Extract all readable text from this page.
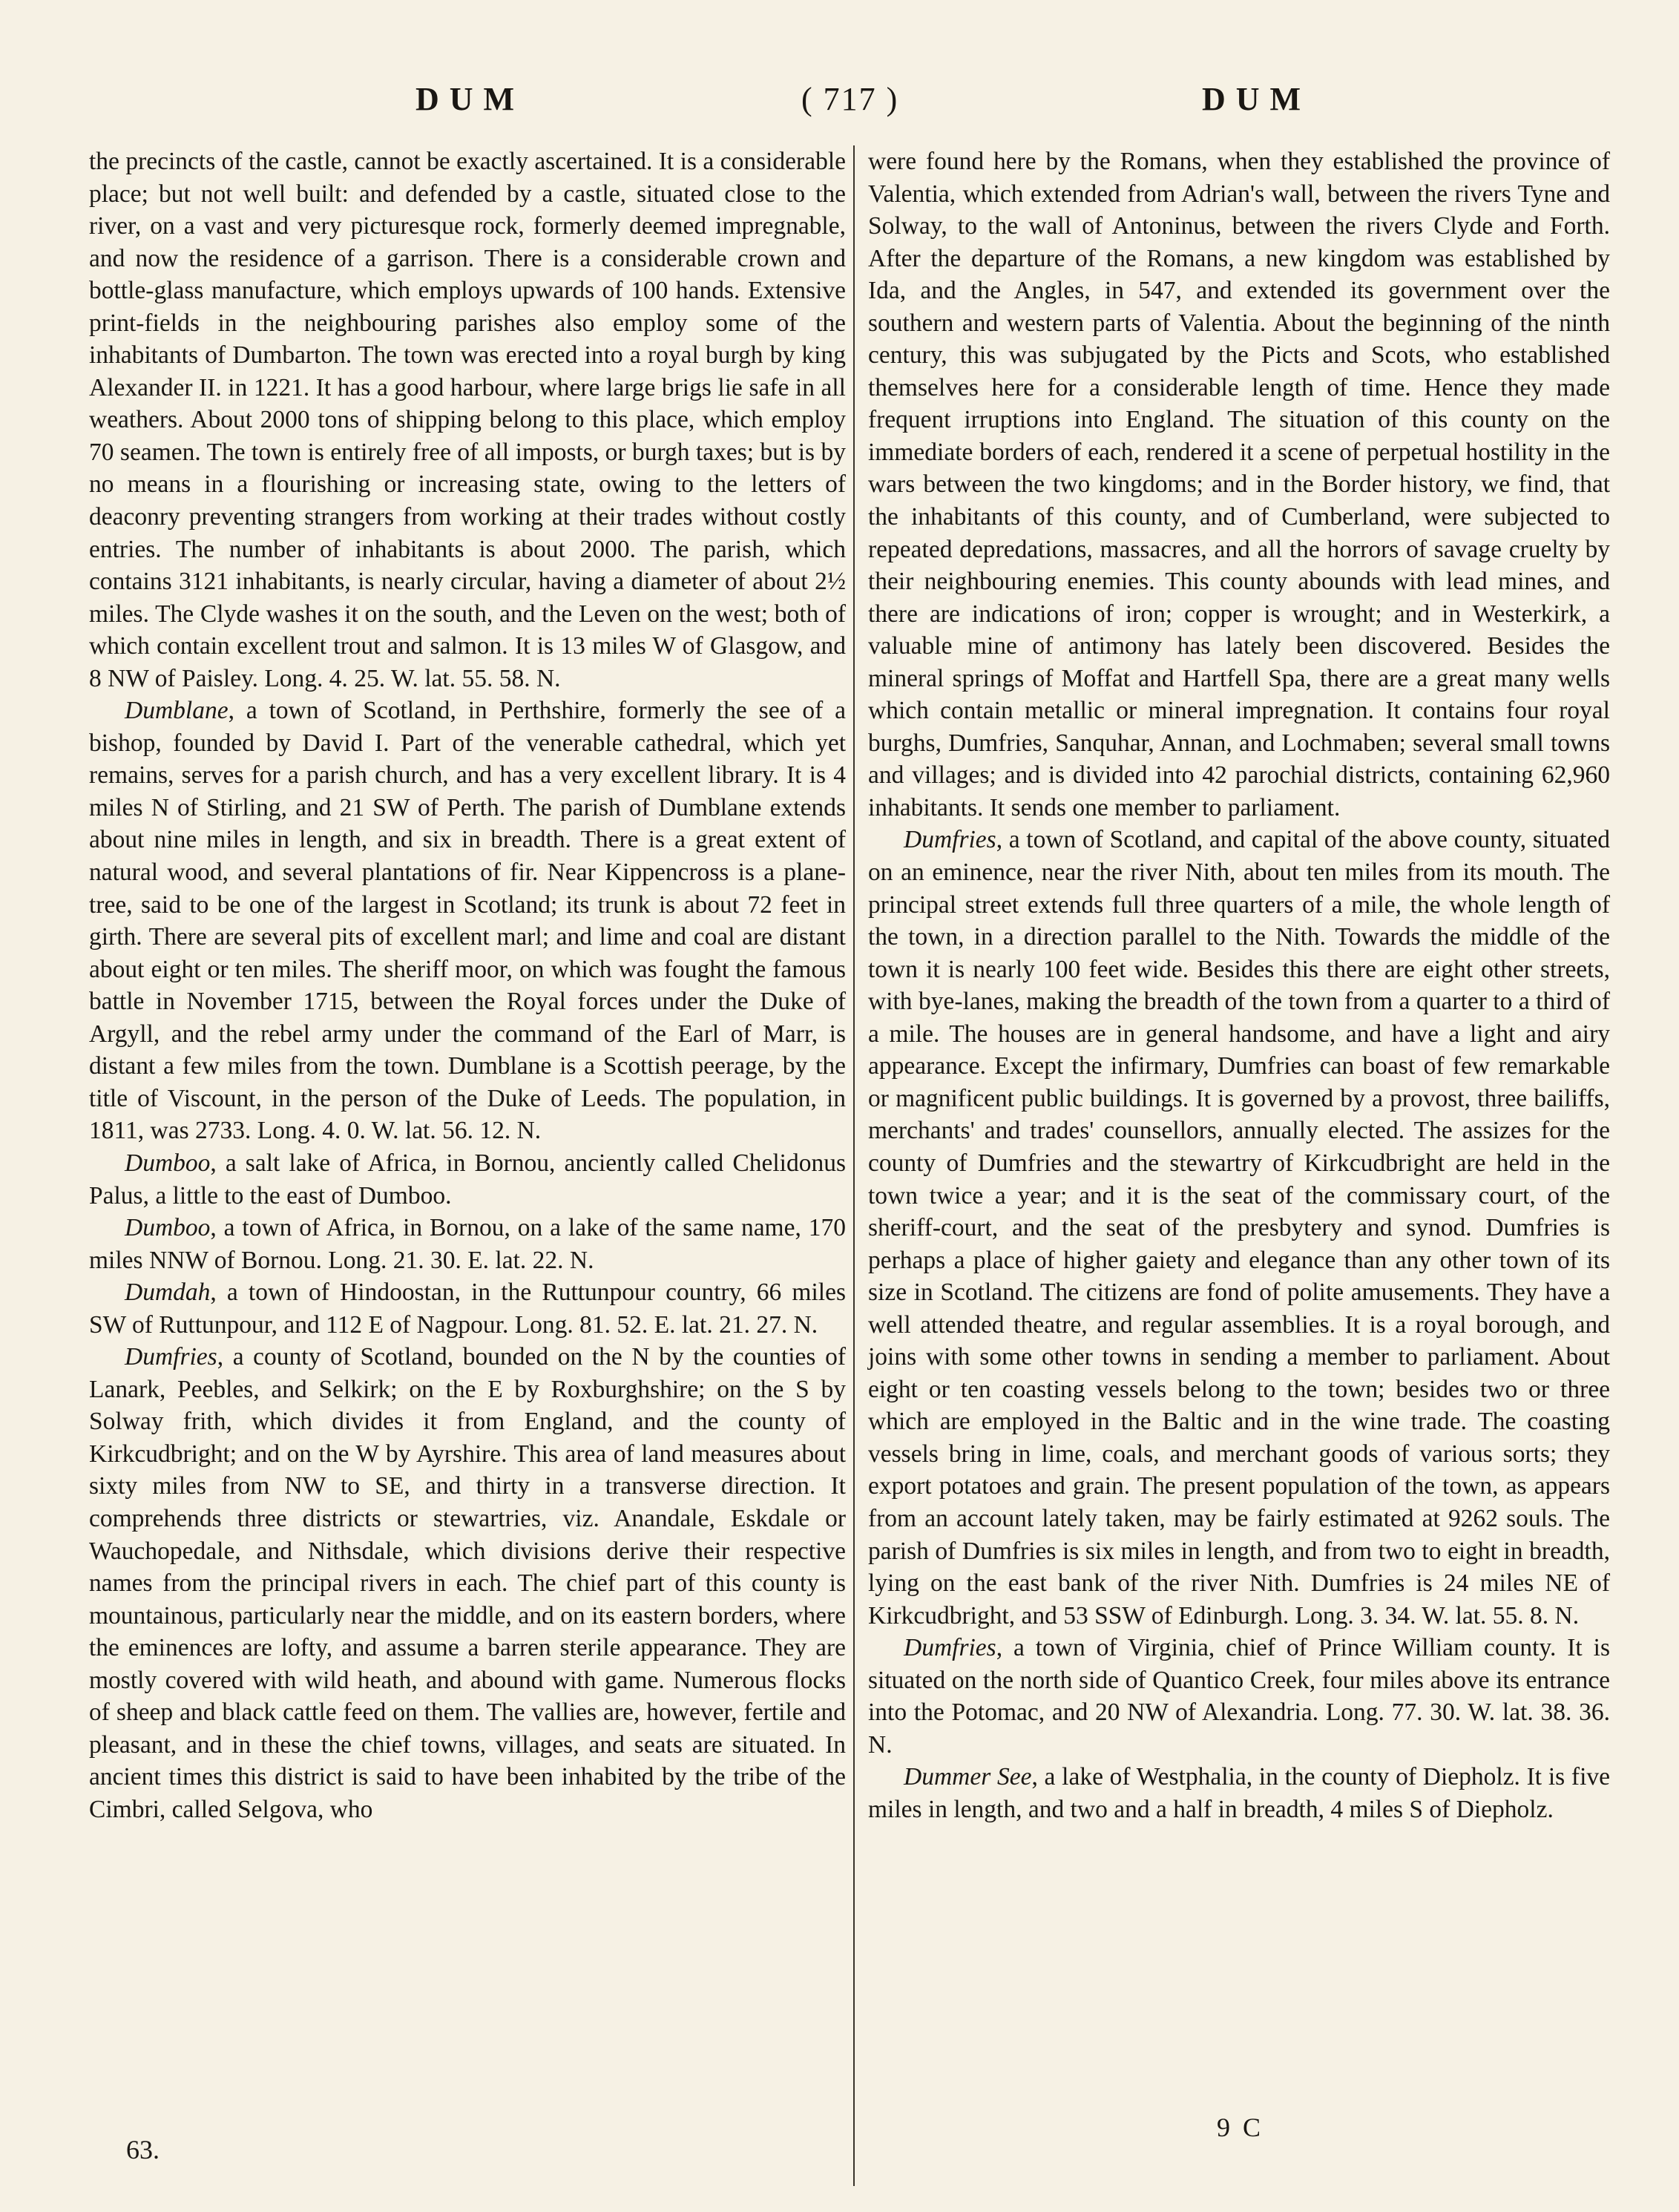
DUM	( 717 )	DUM

the precincts of the castle, cannot be exactly ascertained. It is a considerable place; but not well built: and defended by a castle, situated close to the river, on a vast and very picturesque rock, formerly deemed impregnable, and now the residence of a garrison. There is a considerable crown and bottle-glass manufacture, which employs upwards of 100 hands. Extensive print-fields in the neighbouring parishes also employ some of the inhabitants of Dumbarton. The town was erected into a royal burgh by king Alexander II. in 1221. It has a good harbour, where large brigs lie safe in all weathers. About 2000 tons of shipping belong to this place, which employ 70 seamen. The town is entirely free of all imposts, or burgh taxes; but is by no means in a flourishing or increasing state, owing to the letters of deaconry preventing strangers from working at their trades without costly entries. The number of inhabitants is about 2000. The parish, which contains 3121 inhabitants, is nearly circular, having a diameter of about 2½ miles. The Clyde washes it on the south, and the Leven on the west; both of which contain excellent trout and salmon. It is 13 miles W of Glasgow, and 8 NW of Paisley. Long. 4. 25. W. lat. 55. 58. N.

Dumblane, a town of Scotland, in Perthshire, formerly the see of a bishop, founded by David I. Part of the venerable cathedral, which yet remains, serves for a parish church, and has a very excellent library. It is 4 miles N of Stirling, and 21 SW of Perth. The parish of Dumblane extends about nine miles in length, and six in breadth. There is a great extent of natural wood, and several plantations of fir. Near Kippencross is a plane-tree, said to be one of the largest in Scotland; its trunk is about 72 feet in girth. There are several pits of excellent marl; and lime and coal are distant about eight or ten miles. The sheriff moor, on which was fought the famous battle in November 1715, between the Royal forces under the Duke of Argyll, and the rebel army under the command of the Earl of Marr, is distant a few miles from the town. Dumblane is a Scottish peerage, by the title of Viscount, in the person of the Duke of Leeds. The population, in 1811, was 2733. Long. 4. 0. W. lat. 56. 12. N.

Dumboo, a salt lake of Africa, in Bornou, anciently called Chelidonus Palus, a little to the east of Dumboo.

Dumboo, a town of Africa, in Bornou, on a lake of the same name, 170 miles NNW of Bornou. Long. 21. 30. E. lat. 22. N.

Dumdah, a town of Hindoostan, in the Ruttunpour country, 66 miles SW of Ruttunpour, and 112 E of Nagpour. Long. 81. 52. E. lat. 21. 27. N.

Dumfries, a county of Scotland, bounded on the N by the counties of Lanark, Peebles, and Selkirk; on the E by Roxburghshire; on the S by Solway frith, which divides it from England, and the county of Kirkcudbright; and on the W by Ayrshire. This area of land measures about sixty miles from NW to SE, and thirty in a transverse direction. It comprehends three districts or stewartries, viz. Anandale, Eskdale or Wauchopedale, and Nithsdale, which divisions derive their respective names from the principal rivers in each. The chief part of this county is mountainous, particularly near the middle, and on its eastern borders, where the eminences are lofty, and assume a barren sterile appearance. They are mostly covered with wild heath, and abound with game. Numerous flocks of sheep and black cattle feed on them. The vallies are, however, fertile and pleasant, and in these the chief towns, villages, and seats are situated. In ancient times this district is said to have been inhabited by the tribe of the Cimbri, called Selgova, who

were found here by the Romans, when they established the province of Valentia, which extended from Adrian's wall, between the rivers Tyne and Solway, to the wall of Antoninus, between the rivers Clyde and Forth. After the departure of the Romans, a new kingdom was established by Ida, and the Angles, in 547, and extended its government over the southern and western parts of Valentia. About the beginning of the ninth century, this was subjugated by the Picts and Scots, who established themselves here for a considerable length of time. Hence they made frequent irruptions into England. The situation of this county on the immediate borders of each, rendered it a scene of perpetual hostility in the wars between the two kingdoms; and in the Border history, we find, that the inhabitants of this county, and of Cumberland, were subjected to repeated depredations, massacres, and all the horrors of savage cruelty by their neighbouring enemies. This county abounds with lead mines, and there are indications of iron; copper is wrought; and in Westerkirk, a valuable mine of antimony has lately been discovered. Besides the mineral springs of Moffat and Hartfell Spa, there are a great many wells which contain metallic or mineral impregnation. It contains four royal burghs, Dumfries, Sanquhar, Annan, and Lochmaben; several small towns and villages; and is divided into 42 parochial districts, containing 62,960 inhabitants. It sends one member to parliament.

Dumfries, a town of Scotland, and capital of the above county, situated on an eminence, near the river Nith, about ten miles from its mouth. The principal street extends full three quarters of a mile, the whole length of the town, in a direction parallel to the Nith. Towards the middle of the town it is nearly 100 feet wide. Besides this there are eight other streets, with bye-lanes, making the breadth of the town from a quarter to a third of a mile. The houses are in general handsome, and have a light and airy appearance. Except the infirmary, Dumfries can boast of few remarkable or magnificent public buildings. It is governed by a provost, three bailiffs, merchants' and trades' counsellors, annually elected. The assizes for the county of Dumfries and the stewartry of Kirkcudbright are held in the town twice a year; and it is the seat of the commissary court, of the sheriff-court, and the seat of the presbytery and synod. Dumfries is perhaps a place of higher gaiety and elegance than any other town of its size in Scotland. The citizens are fond of polite amusements. They have a well attended theatre, and regular assemblies. It is a royal borough, and joins with some other towns in sending a member to parliament. About eight or ten coasting vessels belong to the town; besides two or three which are employed in the Baltic and in the wine trade. The coasting vessels bring in lime, coals, and merchant goods of various sorts; they export potatoes and grain. The present population of the town, as appears from an account lately taken, may be fairly estimated at 9262 souls. The parish of Dumfries is six miles in length, and from two to eight in breadth, lying on the east bank of the river Nith. Dumfries is 24 miles NE of Kirkcudbright, and 53 SSW of Edinburgh. Long. 3. 34. W. lat. 55. 8. N.

Dumfries, a town of Virginia, chief of Prince William county. It is situated on the north side of Quantico Creek, four miles above its entrance into the Potomac, and 20 NW of Alexandria. Long. 77. 30. W. lat. 38. 36. N.

Dummer See, a lake of Westphalia, in the county of Diepholz. It is five miles in length, and two and a half in breadth, 4 miles S of Diepholz.

63.
9 C
